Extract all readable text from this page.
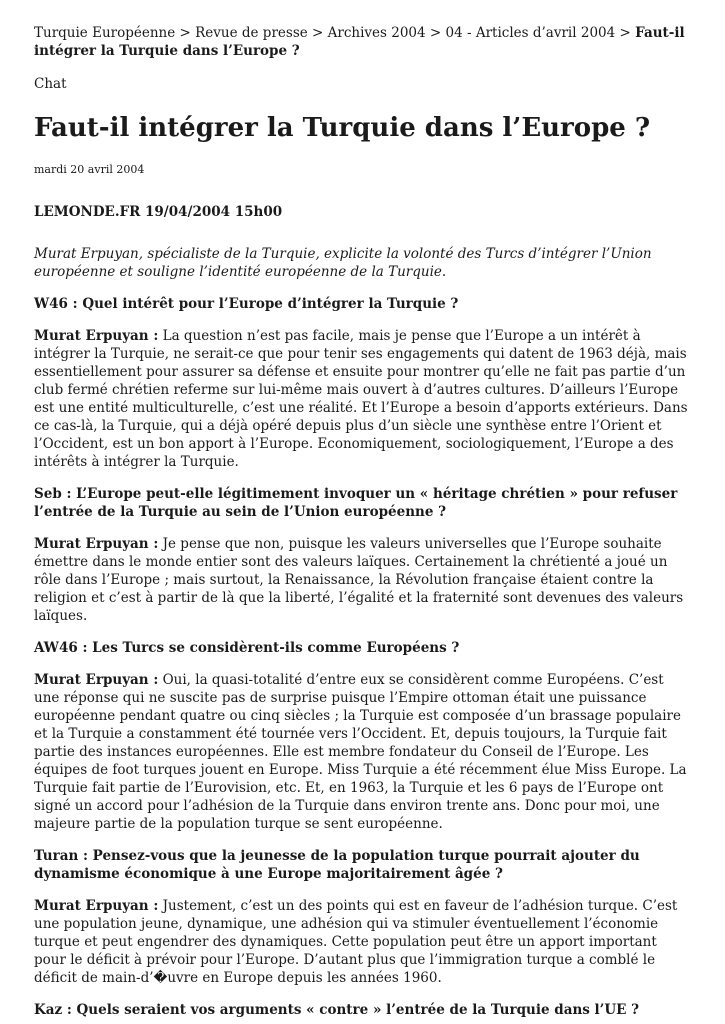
Turquie Européenne > Revue de presse > Archives 2004 > 04 - Articles d’avril 2004 > Faut-il intégrer la Turquie dans l’Europe ?
Chat
Faut-il intégrer la Turquie dans l’Europe ?
mardi 20 avril 2004
LEMONDE.FR 19/04/2004 15h00
Murat Erpuyan, spécialiste de la Turquie, explicite la volonté des Turcs d’intégrer l’Union européenne et souligne l’identité européenne de la Turquie.
W46 : Quel intérêt pour l’Europe d’intégrer la Turquie ?
Murat Erpuyan : La question n’est pas facile, mais je pense que l’Europe a un intérêt à intégrer la Turquie, ne serait-ce que pour tenir ses engagements qui datent de 1963 déjà, mais essentiellement pour assurer sa défense et ensuite pour montrer qu’elle ne fait pas partie d’un club fermé chrétien referme sur lui-même mais ouvert à d’autres cultures. D’ailleurs l’Europe est une entité multiculturelle, c’est une réalité. Et l’Europe a besoin d’apports extérieurs. Dans ce cas-là, la Turquie, qui a déjà opéré depuis plus d’un siècle une synthèse entre l’Orient et l’Occident, est un bon apport à l’Europe. Economiquement, sociologiquement, l’Europe a des intérêts à intégrer la Turquie.
Seb : L’Europe peut-elle légitimement invoquer un « héritage chrétien » pour refuser l’entrée de la Turquie au sein de l’Union européenne ?
Murat Erpuyan : Je pense que non, puisque les valeurs universelles que l’Europe souhaite émettre dans le monde entier sont des valeurs laïques. Certainement la chrétienté a joué un rôle dans l’Europe ; mais surtout, la Renaissance, la Révolution française étaient contre la religion et c’est à partir de là que la liberté, l’égalité et la fraternité sont devenues des valeurs laïques.
AW46 : Les Turcs se considèrent-ils comme Européens ?
Murat Erpuyan : Oui, la quasi-totalité d’entre eux se considèrent comme Européens. C’est une réponse qui ne suscite pas de surprise puisque l’Empire ottoman était une puissance européenne pendant quatre ou cinq siècles ; la Turquie est composée d’un brassage populaire et la Turquie a constamment été tournée vers l’Occident. Et, depuis toujours, la Turquie fait partie des instances européennes. Elle est membre fondateur du Conseil de l’Europe. Les équipes de foot turques jouent en Europe. Miss Turquie a été récemment élue Miss Europe. La Turquie fait partie de l’Eurovision, etc. Et, en 1963, la Turquie et les 6 pays de l’Europe ont signé un accord pour l’adhésion de la Turquie dans environ trente ans. Donc pour moi, une majeure partie de la population turque se sent européenne.
Turan : Pensez-vous que la jeunesse de la population turque pourrait ajouter du dynamisme économique à une Europe majoritairement âgée ?
Murat Erpuyan : Justement, c’est un des points qui est en faveur de l’adhésion turque. C’est une population jeune, dynamique, une adhésion qui va stimuler éventuellement l’économie turque et peut engendrer des dynamiques. Cette population peut être un apport important pour le déficit à prévoir pour l’Europe. D’autant plus que l’immigration turque a comblé le déficit de main-d’�uvre en Europe depuis les années 1960.
Kaz : Quels seraient vos arguments « contre » l’entrée de la Turquie dans l’UE ?
